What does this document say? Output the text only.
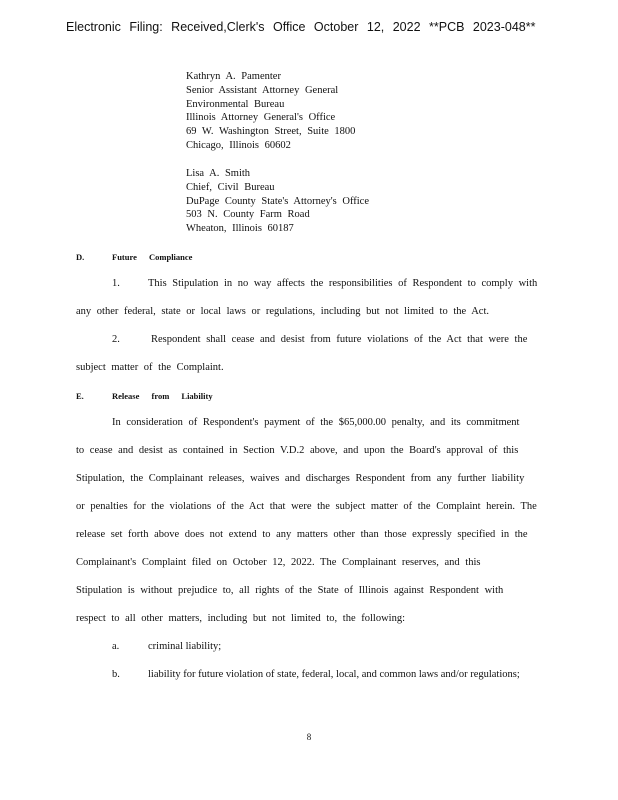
Electronic Filing: Received,Clerk's Office October 12, 2022 **PCB 2023-048**
Kathryn A. Pamenter
Senior Assistant Attorney General
Environmental Bureau
Illinois Attorney General's Office
69 W. Washington Street, Suite 1800
Chicago, Illinois 60602
Lisa A. Smith
Chief, Civil Bureau
DuPage County State's Attorney's Office
503 N. County Farm Road
Wheaton, Illinois 60187
D.	Future Compliance
1.	This Stipulation in no way affects the responsibilities of Respondent to comply with
any other federal, state or local laws or regulations, including but not limited to the Act.
2.	Respondent shall cease and desist from future violations of the Act that were the
subject matter of the Complaint.
E.	Release from Liability
In consideration of Respondent's payment of the $65,000.00 penalty, and its commitment
to cease and desist as contained in Section V.D.2 above, and upon the Board's approval of this
Stipulation, the Complainant releases, waives and discharges Respondent from any further liability
or penalties for the violations of the Act that were the subject matter of the Complaint herein. The
release set forth above does not extend to any matters other than those expressly specified in the
Complainant's Complaint filed on October 12, 2022. The Complainant reserves, and this
Stipulation is without prejudice to, all rights of the State of Illinois against Respondent with
respect to all other matters, including but not limited to, the following:
a.	criminal liability;
b.	liability for future violation of state, federal, local, and common laws and/or regulations;
8
